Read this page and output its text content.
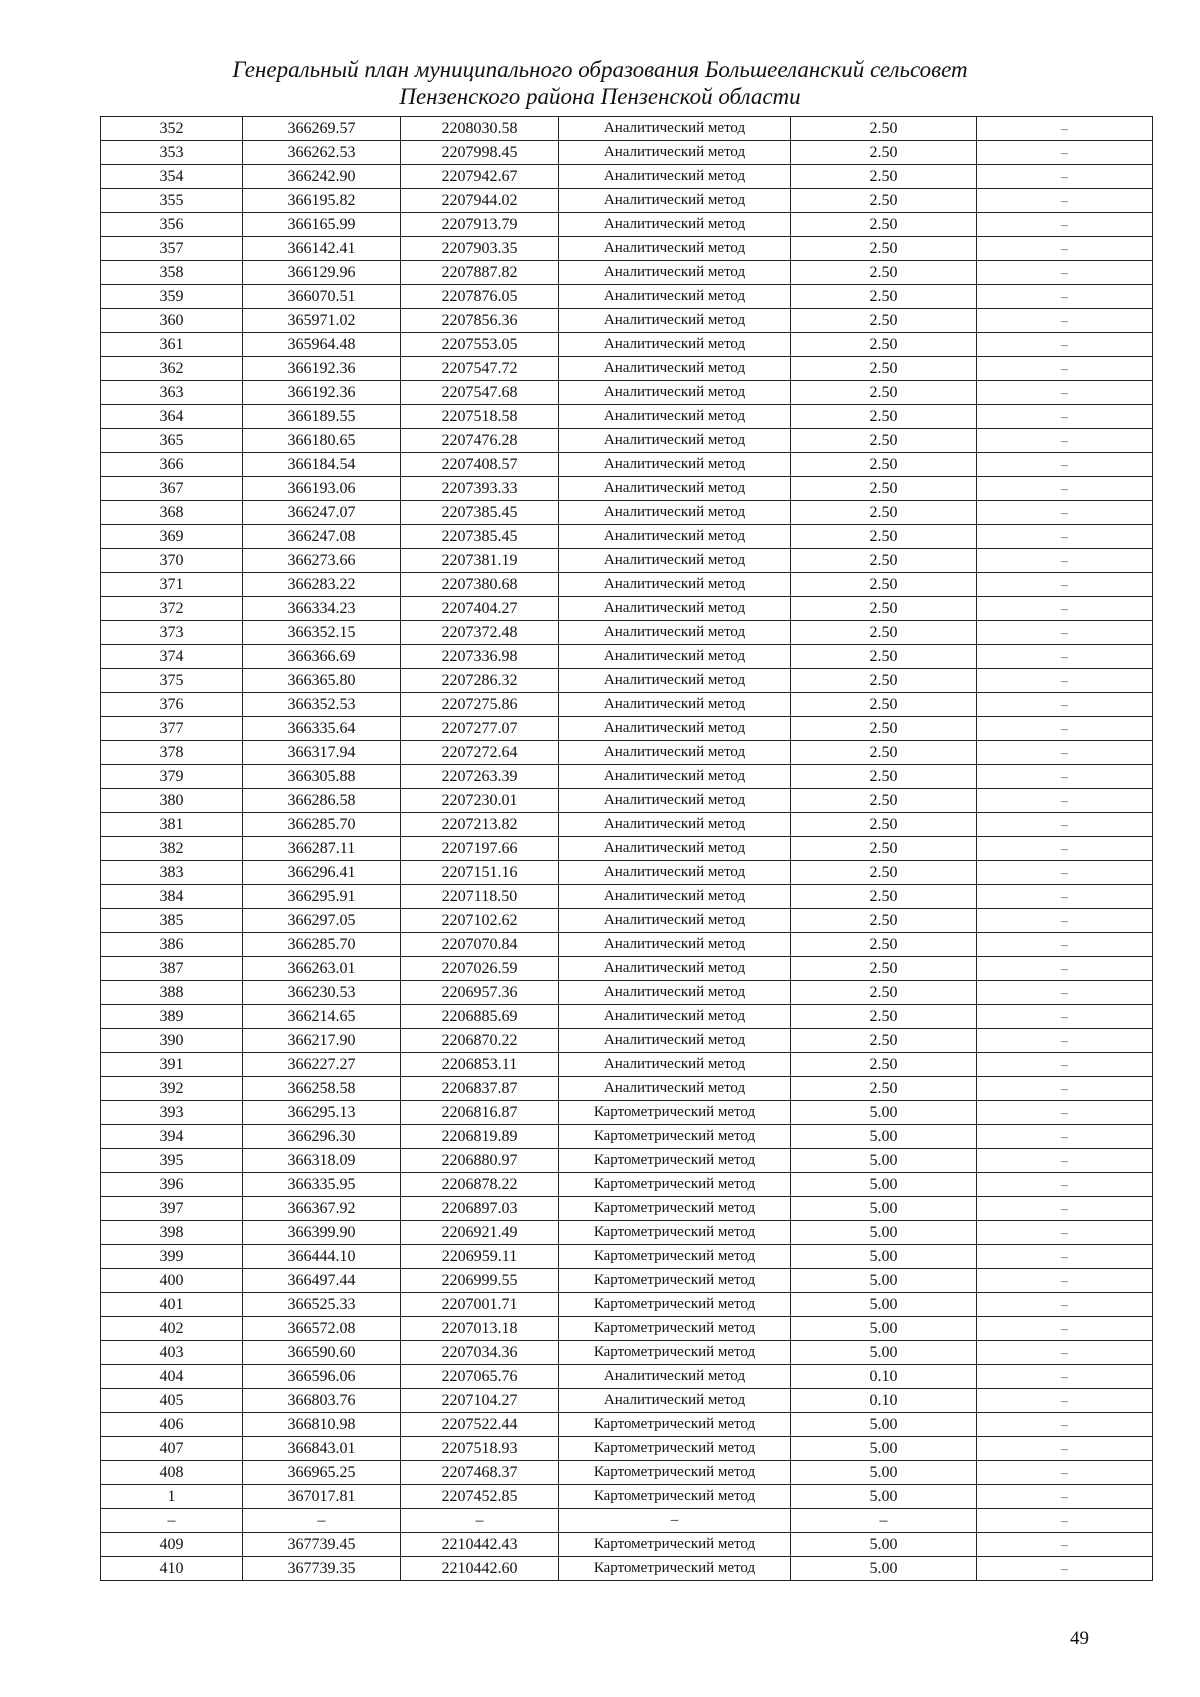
Генеральный план муниципального образования Большееланский сельсовет
Пензенского района Пензенской области
352	366269.57	2208030.58	Аналитический метод	2.50	–
353	366262.53	2207998.45	Аналитический метод	2.50	–
354	366242.90	2207942.67	Аналитический метод	2.50	–
355	366195.82	2207944.02	Аналитический метод	2.50	–
356	366165.99	2207913.79	Аналитический метод	2.50	–
357	366142.41	2207903.35	Аналитический метод	2.50	–
358	366129.96	2207887.82	Аналитический метод	2.50	–
359	366070.51	2207876.05	Аналитический метод	2.50	–
360	365971.02	2207856.36	Аналитический метод	2.50	–
361	365964.48	2207553.05	Аналитический метод	2.50	–
362	366192.36	2207547.72	Аналитический метод	2.50	–
363	366192.36	2207547.68	Аналитический метод	2.50	–
364	366189.55	2207518.58	Аналитический метод	2.50	–
365	366180.65	2207476.28	Аналитический метод	2.50	–
366	366184.54	2207408.57	Аналитический метод	2.50	–
367	366193.06	2207393.33	Аналитический метод	2.50	–
368	366247.07	2207385.45	Аналитический метод	2.50	–
369	366247.08	2207385.45	Аналитический метод	2.50	–
370	366273.66	2207381.19	Аналитический метод	2.50	–
371	366283.22	2207380.68	Аналитический метод	2.50	–
372	366334.23	2207404.27	Аналитический метод	2.50	–
373	366352.15	2207372.48	Аналитический метод	2.50	–
374	366366.69	2207336.98	Аналитический метод	2.50	–
375	366365.80	2207286.32	Аналитический метод	2.50	–
376	366352.53	2207275.86	Аналитический метод	2.50	–
377	366335.64	2207277.07	Аналитический метод	2.50	–
378	366317.94	2207272.64	Аналитический метод	2.50	–
379	366305.88	2207263.39	Аналитический метод	2.50	–
380	366286.58	2207230.01	Аналитический метод	2.50	–
381	366285.70	2207213.82	Аналитический метод	2.50	–
382	366287.11	2207197.66	Аналитический метод	2.50	–
383	366296.41	2207151.16	Аналитический метод	2.50	–
384	366295.91	2207118.50	Аналитический метод	2.50	–
385	366297.05	2207102.62	Аналитический метод	2.50	–
386	366285.70	2207070.84	Аналитический метод	2.50	–
387	366263.01	2207026.59	Аналитический метод	2.50	–
388	366230.53	2206957.36	Аналитический метод	2.50	–
389	366214.65	2206885.69	Аналитический метод	2.50	–
390	366217.90	2206870.22	Аналитический метод	2.50	–
391	366227.27	2206853.11	Аналитический метод	2.50	–
392	366258.58	2206837.87	Аналитический метод	2.50	–
393	366295.13	2206816.87	Картометрический метод	5.00	–
394	366296.30	2206819.89	Картометрический метод	5.00	–
395	366318.09	2206880.97	Картометрический метод	5.00	–
396	366335.95	2206878.22	Картометрический метод	5.00	–
397	366367.92	2206897.03	Картометрический метод	5.00	–
398	366399.90	2206921.49	Картометрический метод	5.00	–
399	366444.10	2206959.11	Картометрический метод	5.00	–
400	366497.44	2206999.55	Картометрический метод	5.00	–
401	366525.33	2207001.71	Картометрический метод	5.00	–
402	366572.08	2207013.18	Картометрический метод	5.00	–
403	366590.60	2207034.36	Картометрический метод	5.00	–
404	366596.06	2207065.76	Аналитический метод	0.10	–
405	366803.76	2207104.27	Аналитический метод	0.10	–
406	366810.98	2207522.44	Картометрический метод	5.00	–
407	366843.01	2207518.93	Картометрический метод	5.00	–
408	366965.25	2207468.37	Картометрический метод	5.00	–
1	367017.81	2207452.85	Картометрический метод	5.00	–
–	–	–	–	–	–
409	367739.45	2210442.43	Картометрический метод	5.00	–
410	367739.35	2210442.60	Картометрический метод	5.00	–
49
